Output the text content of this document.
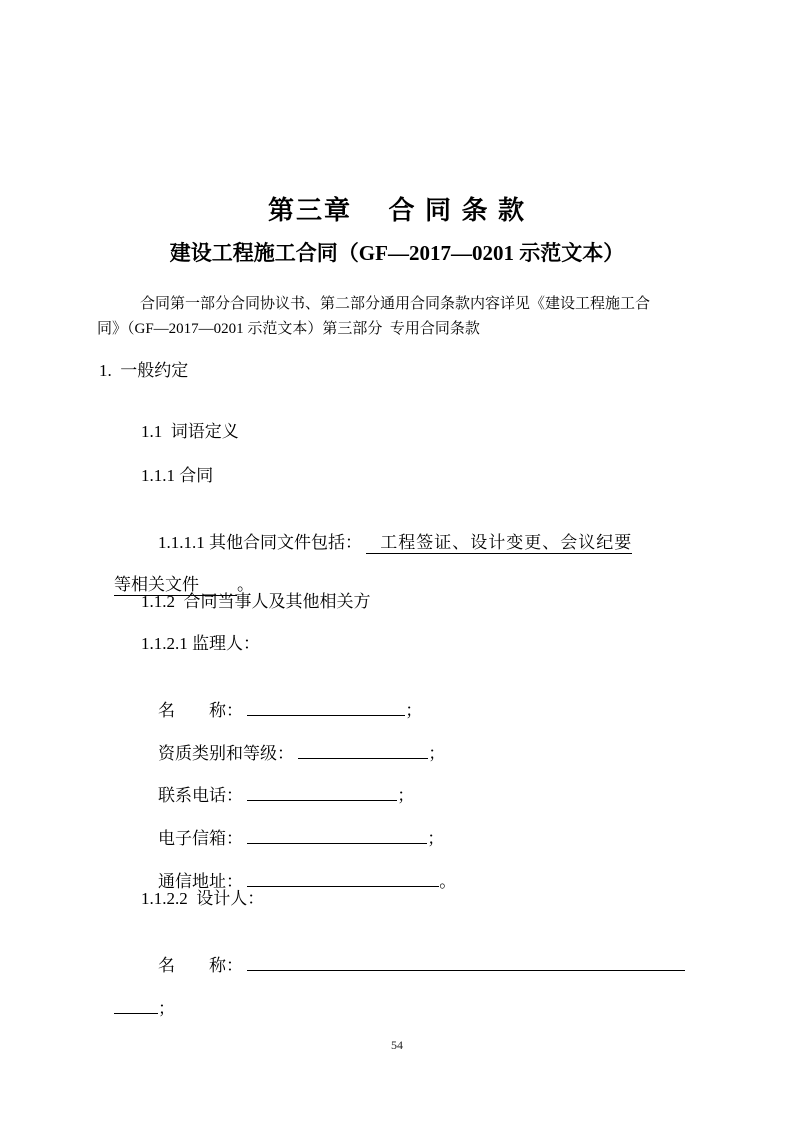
第三章　 合 同 条 款
建设工程施工合同（GF—2017—0201 示范文本）
合同第一部分合同协议书、第二部分通用合同条款内容详见《建设工程施工合
同》（GF—2017—0201 示范文本）第三部分  专用合同条款
1.  一般约定
1.1  词语定义
1.1.1 合同

1.1.1.1 其他合同文件包括： 工程签证、设计变更、会议纪要

等相关文件 。

1.1.2  合同当事人及其他相关方
1.1.2.1 监理人：

名　　称：	；

资质类别和等级：	；

联系电话：	；

电子信箱：	；

通信地址：	。

1.1.2.2  设计人：

名　　称：

；

54
